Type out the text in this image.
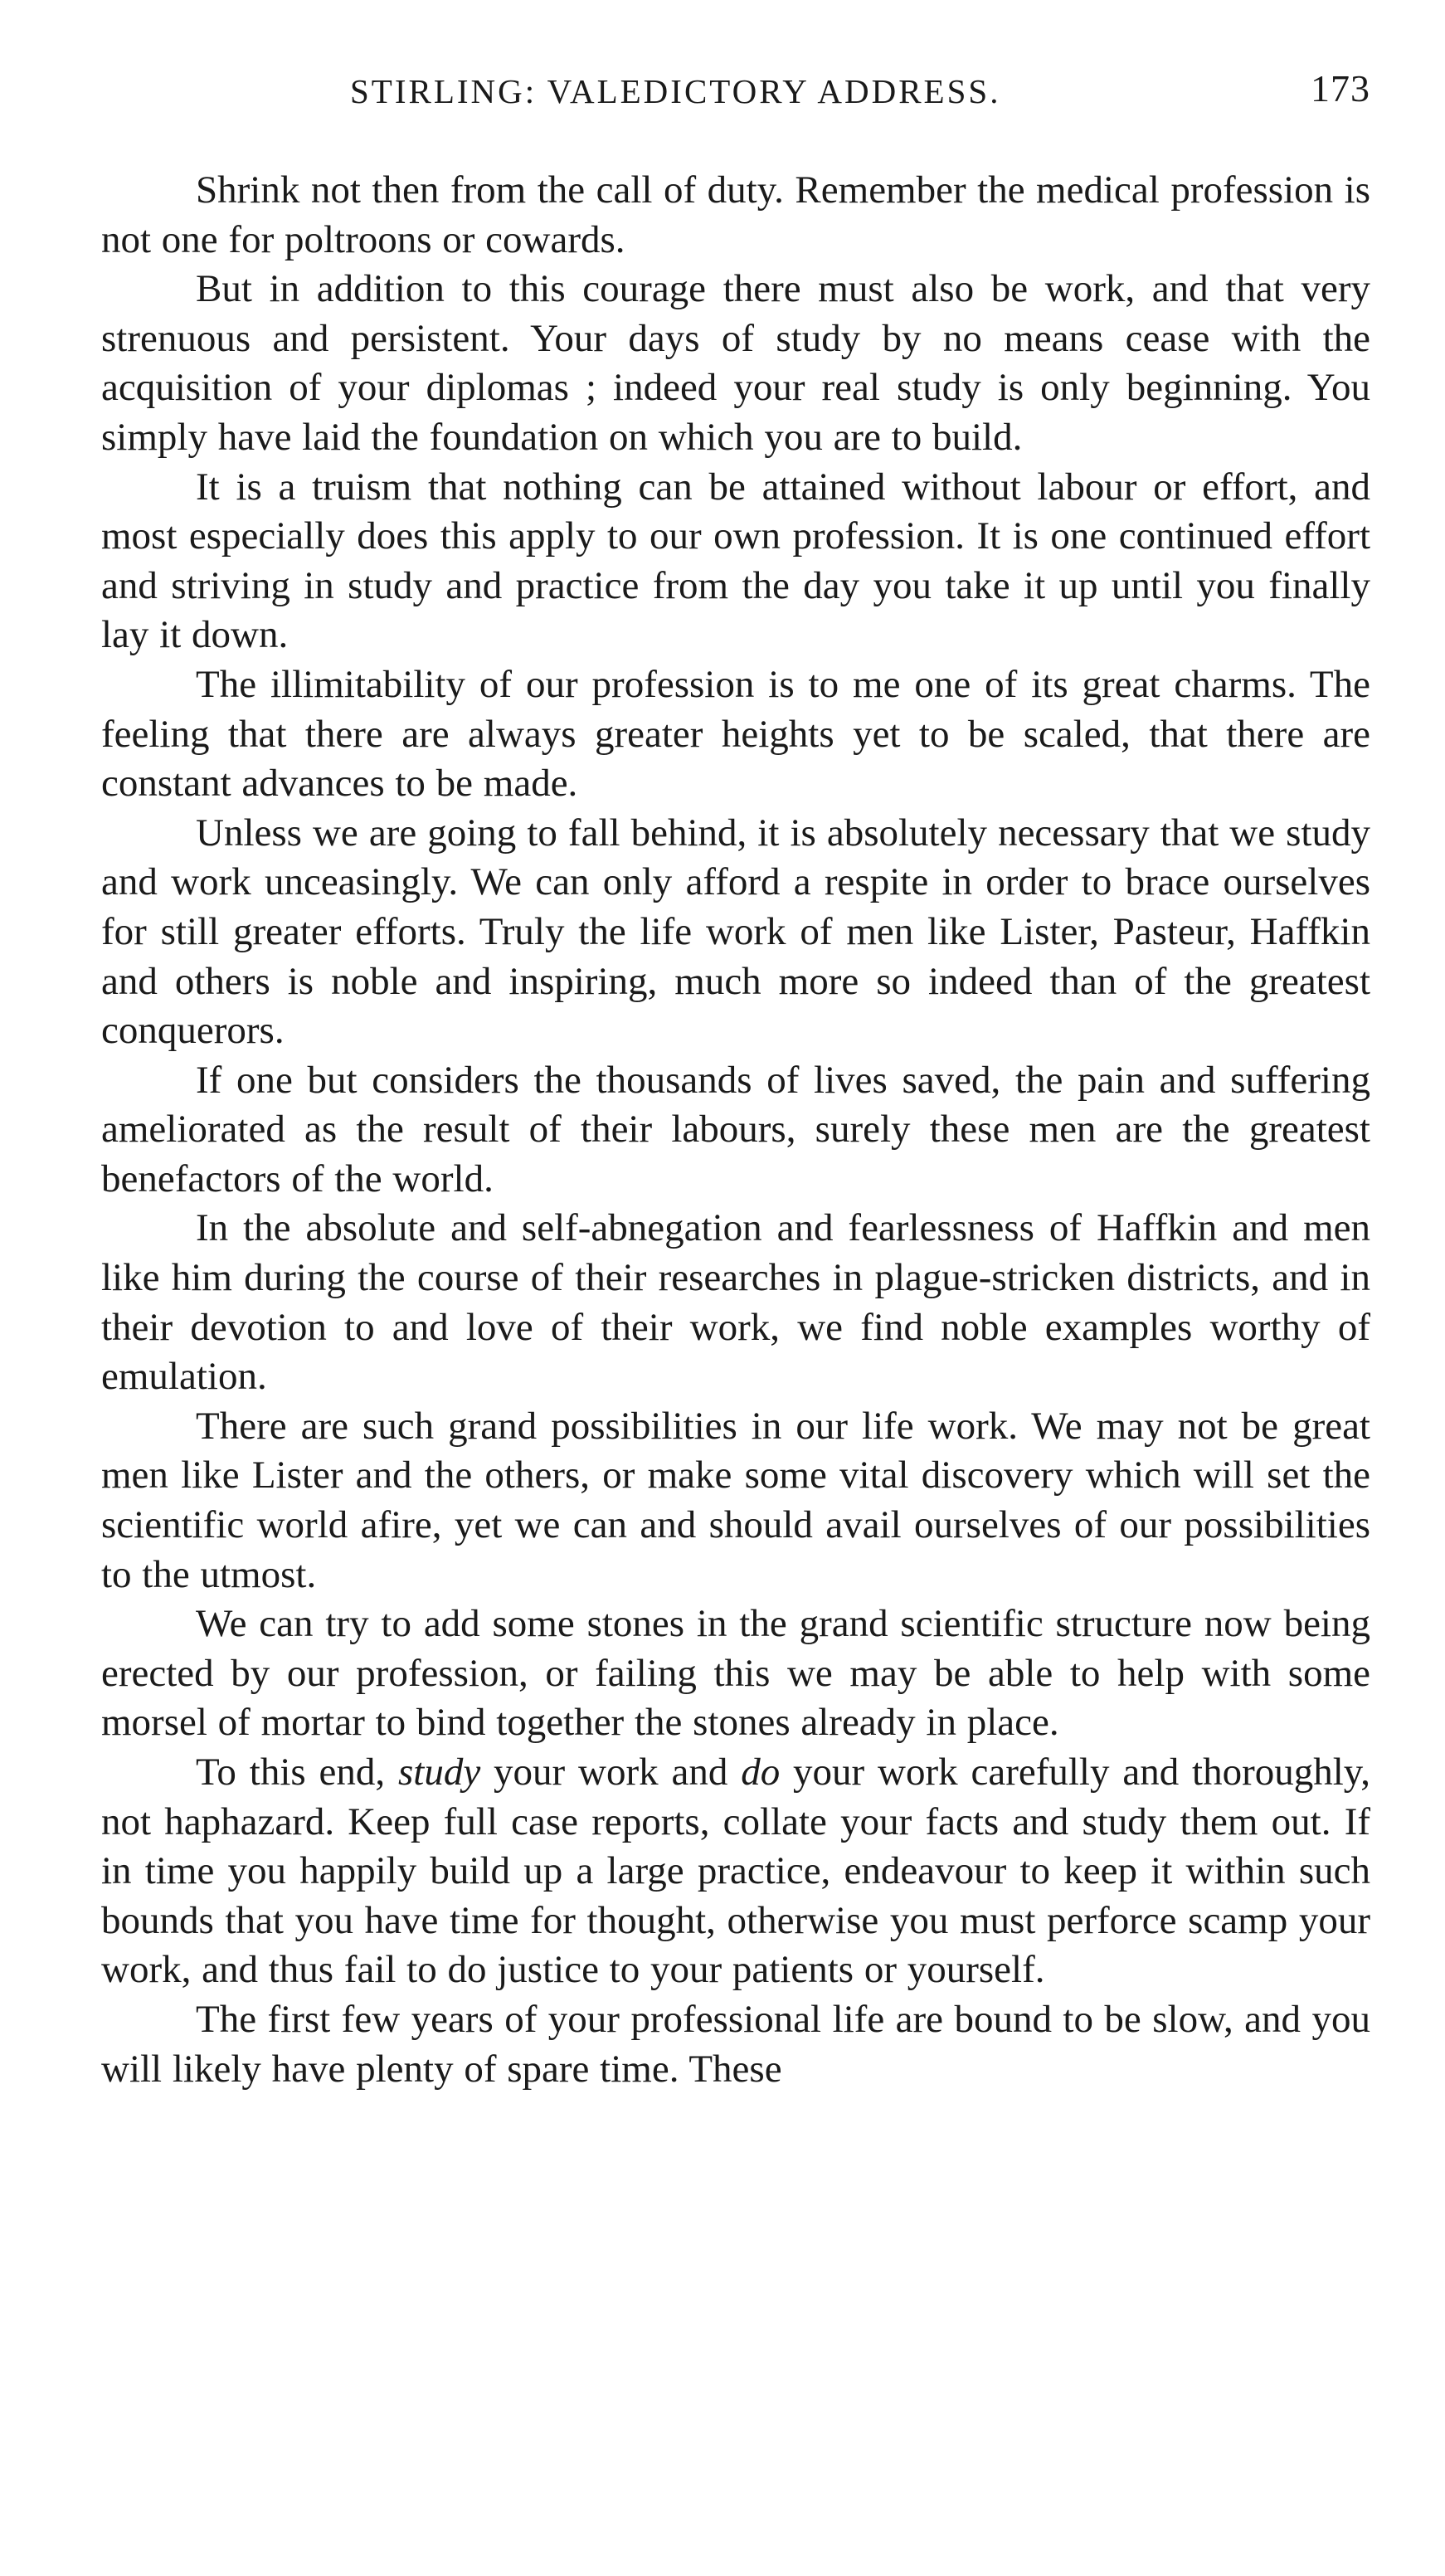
STIRLING: VALEDICTORY ADDRESS.	173

Shrink not then from the call of duty. Remember the medical profession is not one for poltroons or cowards.

But in addition to this courage there must also be work, and that very strenuous and persistent. Your days of study by no means cease with the acquisition of your diplomas ; indeed your real study is only beginning. You simply have laid the foundation on which you are to build.

It is a truism that nothing can be attained without labour or effort, and most especially does this apply to our own profession. It is one continued effort and striving in study and practice from the day you take it up until you finally lay it down.

The illimitability of our profession is to me one of its great charms. The feeling that there are always greater heights yet to be scaled, that there are constant advances to be made.

Unless we are going to fall behind, it is absolutely necessary that we study and work unceasingly. We can only afford a respite in order to brace ourselves for still greater efforts. Truly the life work of men like Lister, Pasteur, Haffkin and others is noble and inspiring, much more so indeed than of the greatest conquerors.

If one but considers the thousands of lives saved, the pain and suffering ameliorated as the result of their labours, surely these men are the greatest benefactors of the world.

In the absolute and self-abnegation and fearlessness of Haffkin and men like him during the course of their researches in plague-stricken districts, and in their devotion to and love of their work, we find noble examples worthy of emulation.

There are such grand possibilities in our life work. We may not be great men like Lister and the others, or make some vital discovery which will set the scientific world afire, yet we can and should avail ourselves of our possibilities to the utmost.

We can try to add some stones in the grand scientific structure now being erected by our profession, or failing this we may be able to help with some morsel of mortar to bind together the stones already in place.

To this end, study your work and do your work carefully and thoroughly, not haphazard. Keep full case reports, collate your facts and study them out. If in time you happily build up a large practice, endeavour to keep it within such bounds that you have time for thought, otherwise you must perforce scamp your work, and thus fail to do justice to your patients or yourself.

The first few years of your professional life are bound to be slow, and you will likely have plenty of spare time. These
